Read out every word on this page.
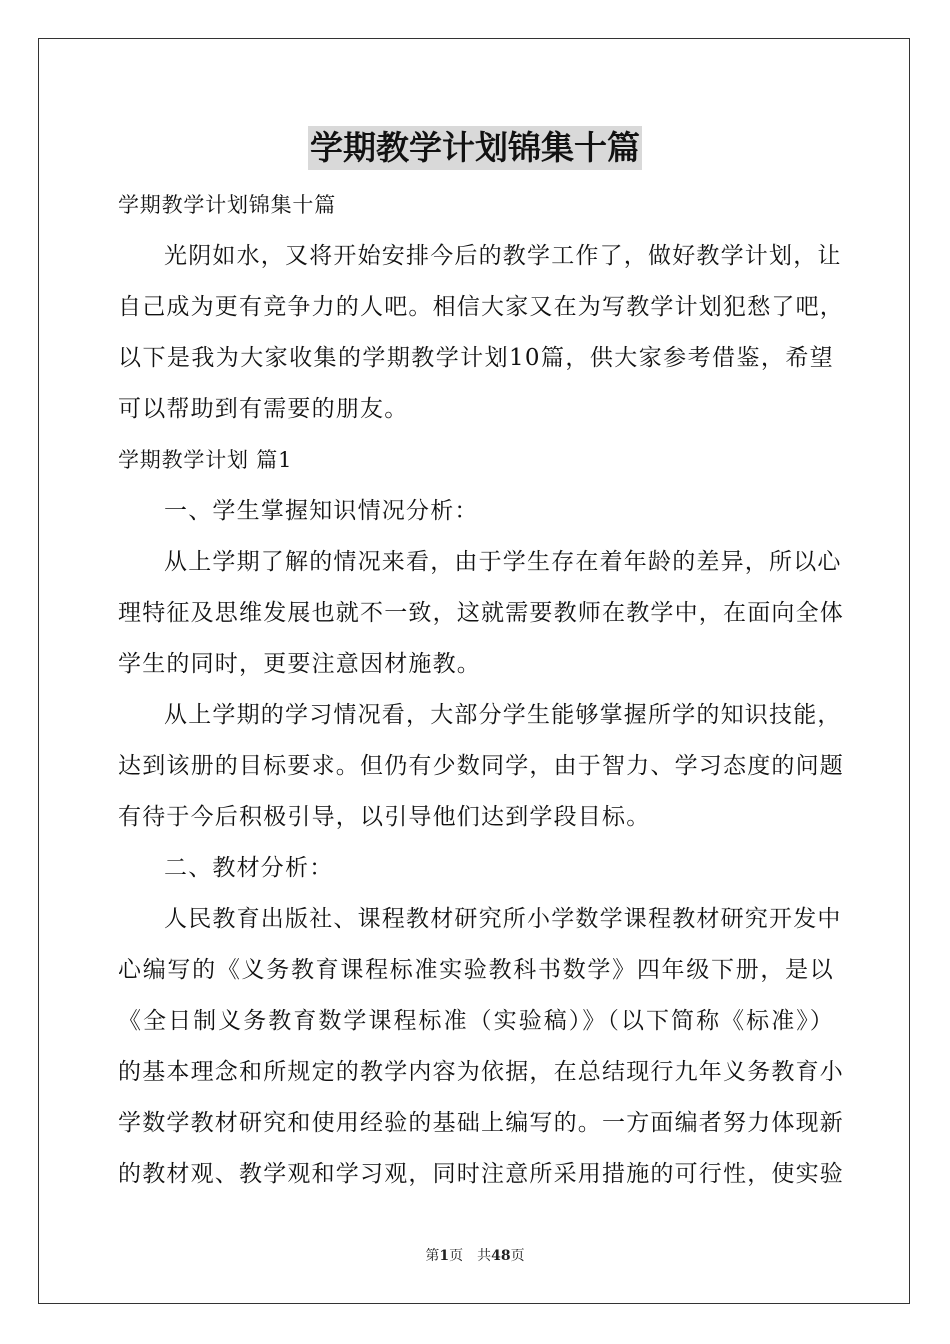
学期教学计划锦集十篇
学期教学计划锦集十篇
光阴如水，又将开始安排今后的教学工作了，做好教学计划，让
自己成为更有竞争力的人吧。相信大家又在为写教学计划犯愁了吧，
以下是我为大家收集的学期教学计划10篇，供大家参考借鉴，希望
可以帮助到有需要的朋友。
学期教学计划 篇1
一、学生掌握知识情况分析：
从上学期了解的情况来看，由于学生存在着年龄的差异，所以心
理特征及思维发展也就不一致，这就需要教师在教学中，在面向全体
学生的同时，更要注意因材施教。
从上学期的学习情况看，大部分学生能够掌握所学的知识技能，
达到该册的目标要求。但仍有少数同学，由于智力、学习态度的问题
有待于今后积极引导，以引导他们达到学段目标。
二、教材分析：
人民教育出版社、课程教材研究所小学数学课程教材研究开发中
心编写的《义务教育课程标准实验教科书数学》四年级下册，是以
《全日制义务教育数学课程标准（实验稿）》（以下简称《标准》）
的基本理念和所规定的教学内容为依据，在总结现行九年义务教育小
学数学教材研究和使用经验的基础上编写的。一方面编者努力体现新
的教材观、教学观和学习观，同时注意所采用措施的可行性，使实验
第1页 共48页
